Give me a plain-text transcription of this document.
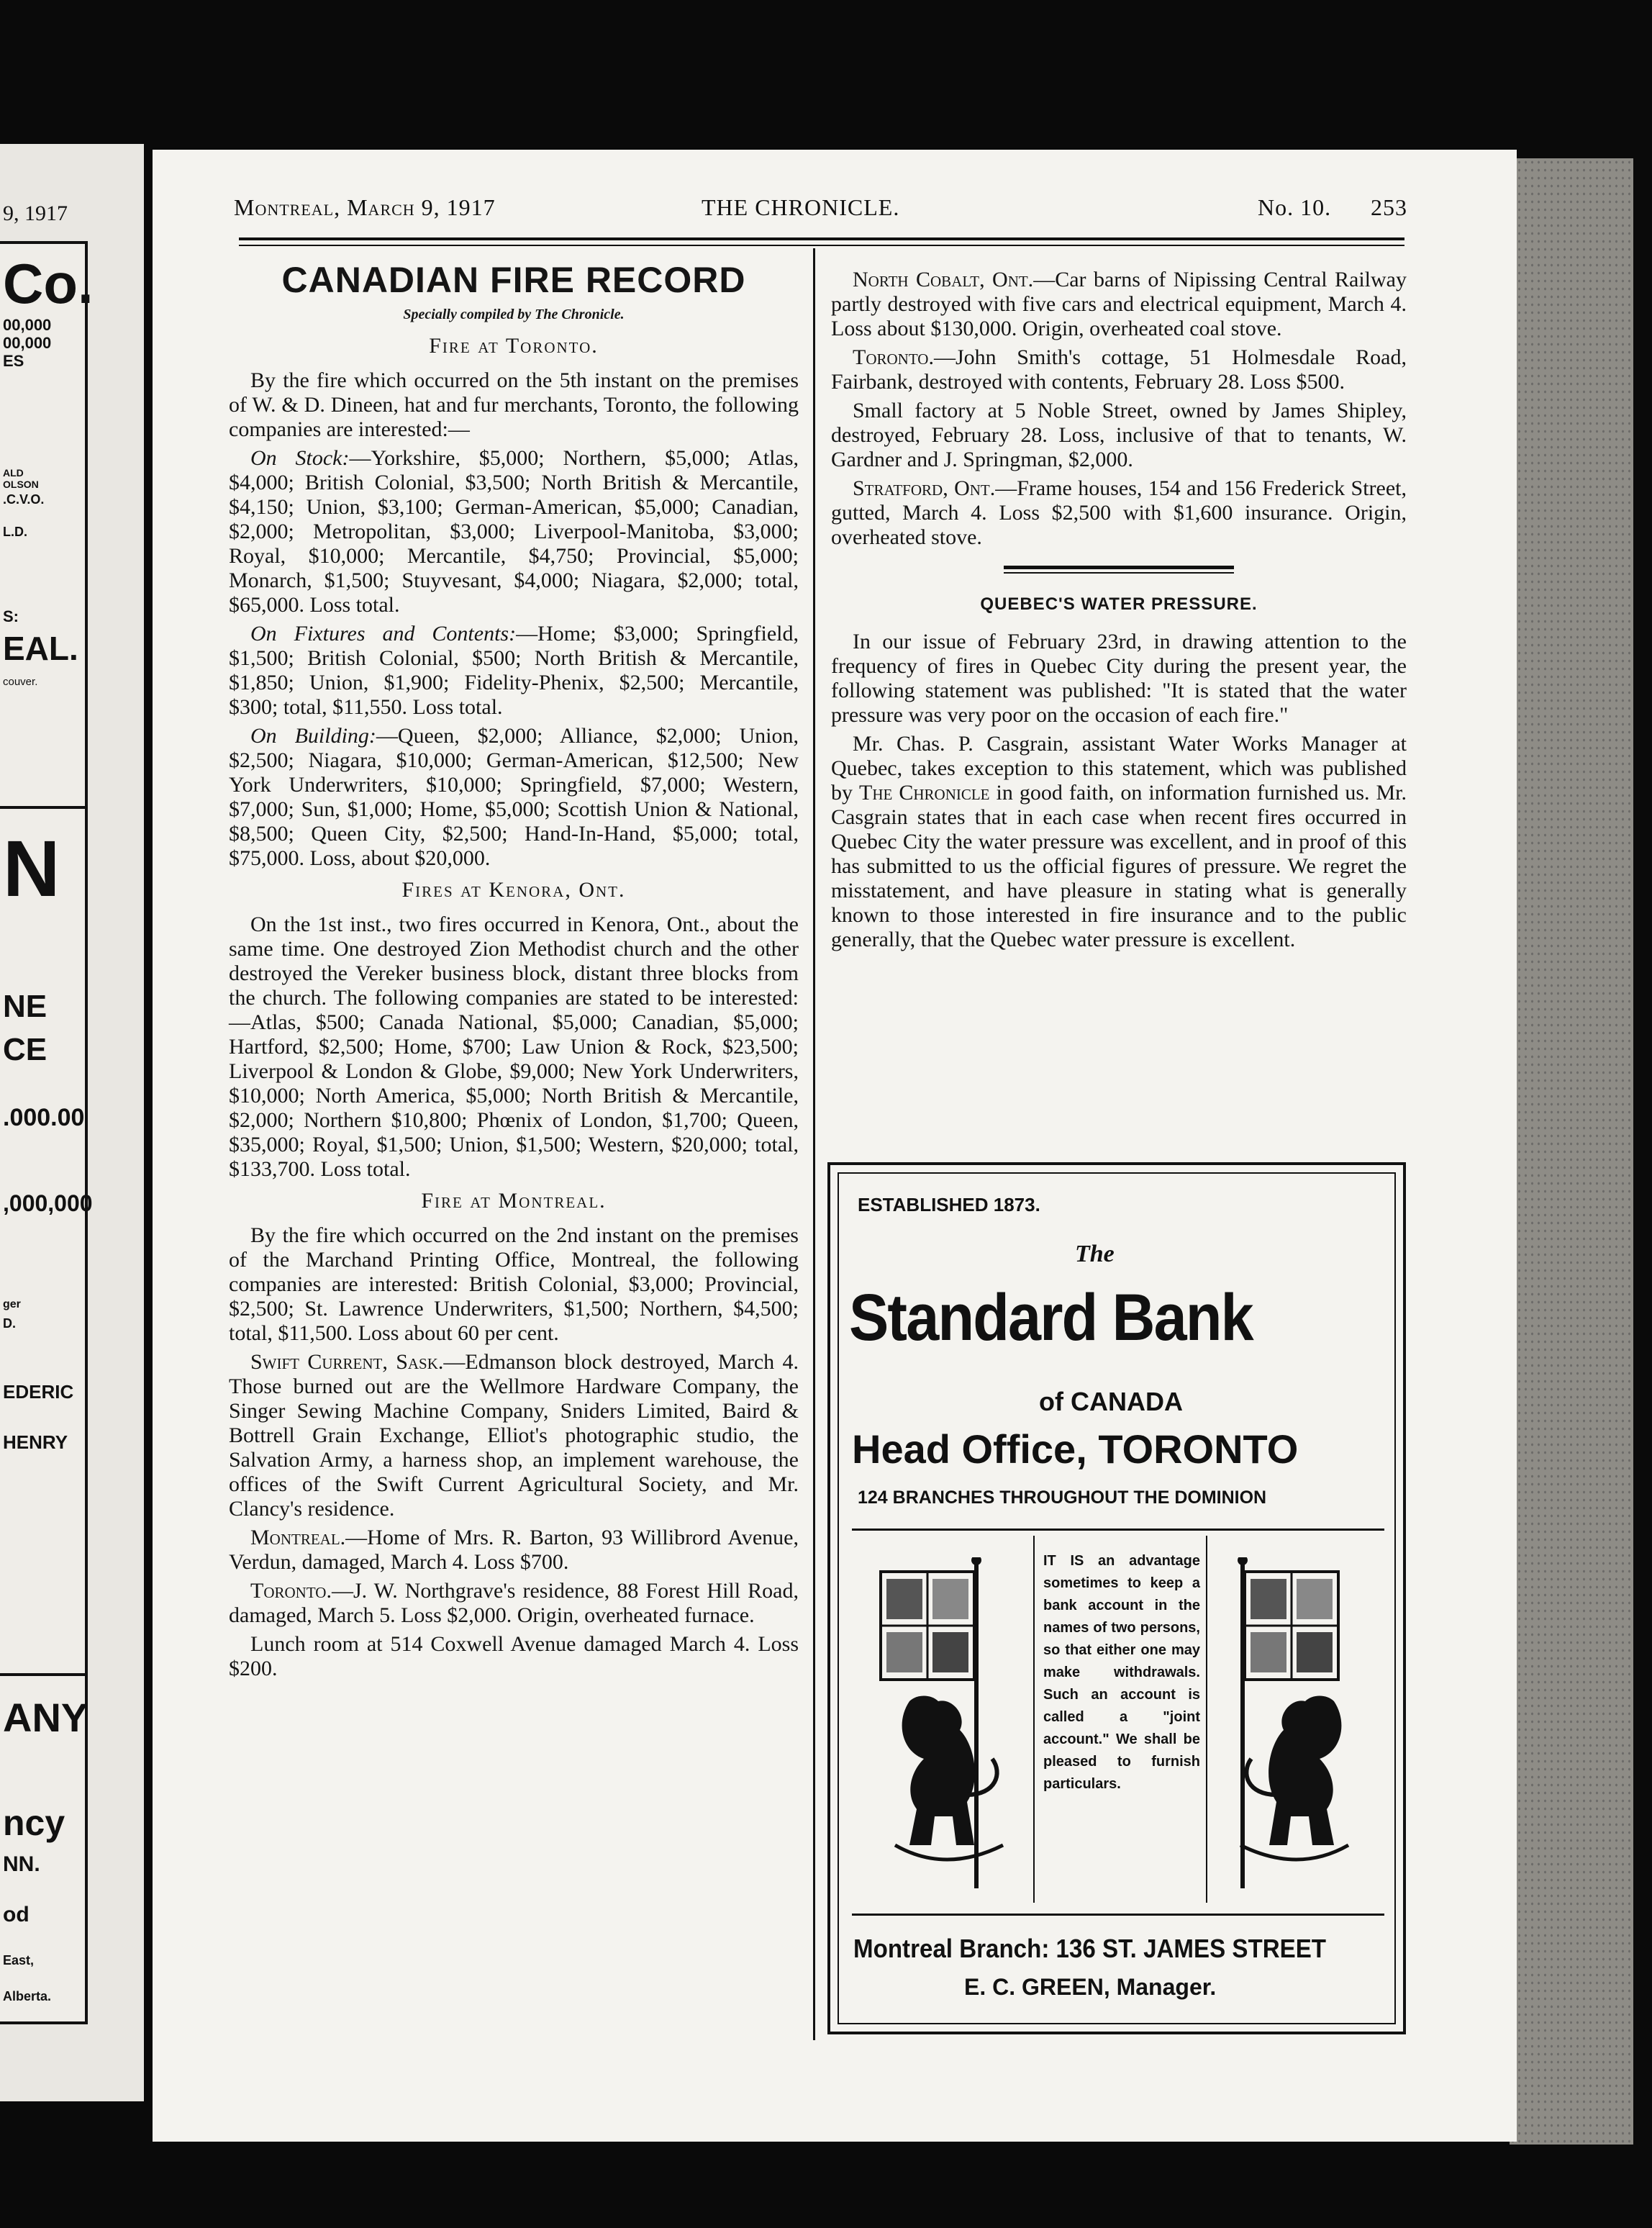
9, 1917
Co.
00,000
00,000
ES
ALD
OLSON
.C.V.O.
L.D.
S:
EAL.
couver.
N
NE
CE
.000.00
,000,000
ger
D.
EDERIC
HENRY
ANY
ncy
NN.
od
East,
Alberta.
Montreal, March 9, 1917	THE CHRONICLE.	No. 10. 253
CANADIAN FIRE RECORD
Specially compiled by The Chronicle.
Fire at Toronto.

By the fire which occurred on the 5th instant on the premises of W. & D. Dineen, hat and fur merchants, Toronto, the following companies are interested:—

On Stock:—Yorkshire, $5,000; Northern, $5,000; Atlas, $4,000; British Colonial, $3,500; North British & Mercantile, $4,150; Union, $3,100; German-American, $5,000; Canadian, $2,000; Metropolitan, $3,000; Liverpool-Manitoba, $3,000; Royal, $10,000; Mercantile, $4,750; Provincial, $5,000; Monarch, $1,500; Stuyvesant, $4,000; Niagara, $2,000; total, $65,000. Loss total.

On Fixtures and Contents:—Home; $3,000; Springfield, $1,500; British Colonial, $500; North British & Mercantile, $1,850; Union, $1,900; Fidelity-Phenix, $2,500; Mercantile, $300; total, $11,550. Loss total.

On Building:—Queen, $2,000; Alliance, $2,000; Union, $2,500; Niagara, $10,000; German-American, $12,500; New York Underwriters, $10,000; Springfield, $7,000; Western, $7,000; Sun, $1,000; Home, $5,000; Scottish Union & National, $8,500; Queen City, $2,500; Hand-In-Hand, $5,000; total, $75,000. Loss, about $20,000.

Fires at Kenora, Ont.

On the 1st inst., two fires occurred in Kenora, Ont., about the same time. One destroyed Zion Methodist church and the other destroyed the Vereker business block, distant three blocks from the church. The following companies are stated to be interested:—Atlas, $500; Canada National, $5,000; Canadian, $5,000; Hartford, $2,500; Home, $700; Law Union & Rock, $23,500; Liverpool & London & Globe, $9,000; New York Underwriters, $10,000; North America, $5,000; North British & Mercantile, $2,000; Northern $10,800; Phœnix of London, $1,700; Queen, $35,000; Royal, $1,500; Union, $1,500; Western, $20,000; total, $133,700. Loss total.

Fire at Montreal.

By the fire which occurred on the 2nd instant on the premises of the Marchand Printing Office, Montreal, the following companies are interested: British Colonial, $3,000; Provincial, $2,500; St. Lawrence Underwriters, $1,500; Northern, $4,500; total, $11,500. Loss about 60 per cent.

Swift Current, Sask.—Edmanson block destroyed, March 4. Those burned out are the Wellmore Hardware Company, the Singer Sewing Machine Company, Sniders Limited, Baird & Bottrell Grain Exchange, Elliot's photographic studio, the Salvation Army, a harness shop, an implement warehouse, the offices of the Swift Current Agricultural Society, and Mr. Clancy's residence.

Montreal.—Home of Mrs. R. Barton, 93 Willibrord Avenue, Verdun, damaged, March 4. Loss $700.

Toronto.—J. W. Northgrave's residence, 88 Forest Hill Road, damaged, March 5. Loss $2,000. Origin, overheated furnace.

Lunch room at 514 Coxwell Avenue damaged March 4. Loss $200.

North Cobalt, Ont.—Car barns of Nipissing Central Railway partly destroyed with five cars and electrical equipment, March 4. Loss about $130,000. Origin, overheated coal stove.

Toronto.—John Smith's cottage, 51 Holmesdale Road, Fairbank, destroyed with contents, February 28. Loss $500.

Small factory at 5 Noble Street, owned by James Shipley, destroyed, February 28. Loss, inclusive of that to tenants, W. Gardner and J. Springman, $2,000.

Stratford, Ont.—Frame houses, 154 and 156 Frederick Street, gutted, March 4. Loss $2,500 with $1,600 insurance. Origin, overheated stove.

QUEBEC'S WATER PRESSURE.

In our issue of February 23rd, in drawing attention to the frequency of fires in Quebec City during the present year, the following statement was published: "It is stated that the water pressure was very poor on the occasion of each fire."

Mr. Chas. P. Casgrain, assistant Water Works Manager at Quebec, takes exception to this statement, which was published by The Chronicle in good faith, on information furnished us. Mr. Casgrain states that in each case when recent fires occurred in Quebec City the water pressure was excellent, and in proof of this has submitted to us the official figures of pressure. We regret the misstatement, and have pleasure in stating what is generally known to those interested in fire insurance and to the public generally, that the Quebec water pressure is excellent.

ESTABLISHED 1873.
The
Standard Bank
of CANADA
Head Office, TORONTO
124 BRANCHES THROUGHOUT THE DOMINION
IT IS an advantage sometimes to keep a bank account in the names of two persons, so that either one may make withdrawals. Such an account is called a "joint account." We shall be pleased to furnish particulars.
Montreal Branch: 136 ST. JAMES STREET
E. C. GREEN, Manager.
